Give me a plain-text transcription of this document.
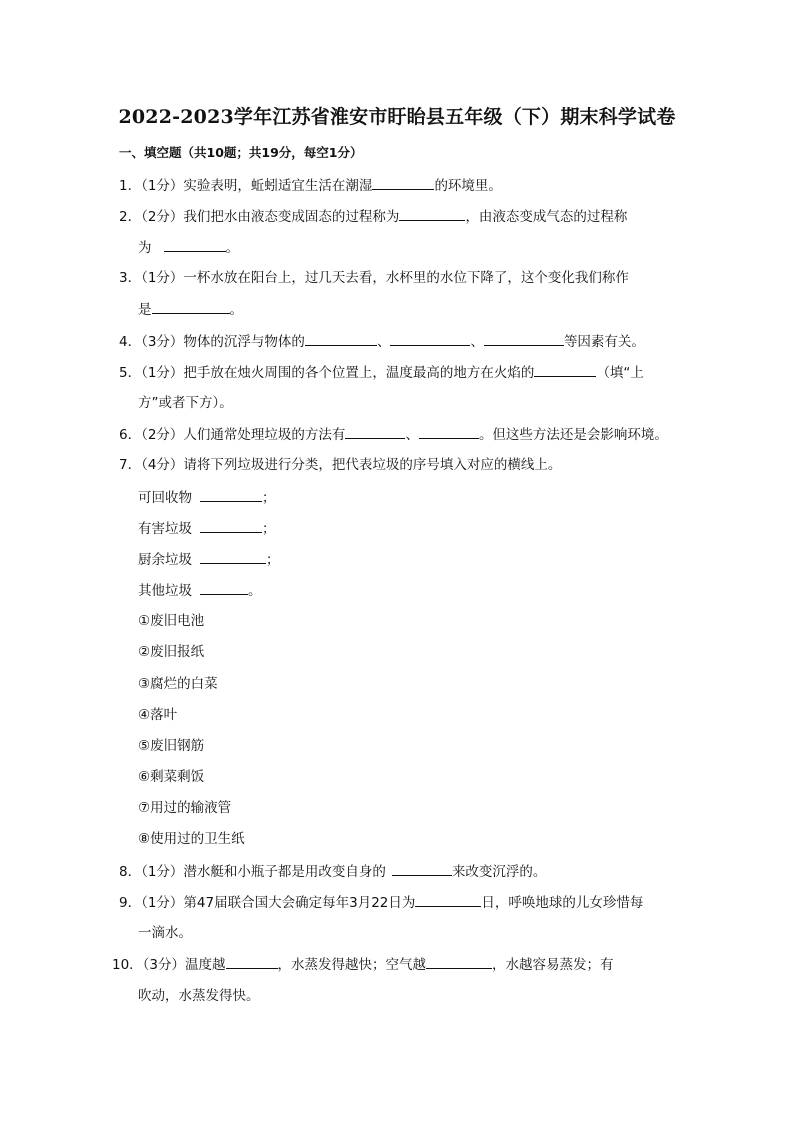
2022-2023学年江苏省淮安市盱眙县五年级（下）期末科学试卷
一、填空题（共10题；共19分，每空1分）
1．（1分）实验表明，蚯蚓适宜生活在潮湿	的环境里。
2．（2分）我们把水由液态变成固态的过程称为	，由液态变成气态的过程称
为	。
3．（1分）一杯水放在阳台上，过几天去看，水杯里的水位下降了，这个变化我们称作
是	。
4．（3分）物体的沉浮与物体的	、	、	等因素有关。
5．（1分）把手放在烛火周围的各个位置上，温度最高的地方在火焰的	（填“上
方”或者下方）。
6．（2分）人们通常处理垃圾的方法有	、	。但这些方法还是会影响环境。
7．（4分）请将下列垃圾进行分类，把代表垃圾的序号填入对应的横线上。
可回收物	；
有害垃圾	；
厨余垃圾	；
其他垃圾	。
①废旧电池
②废旧报纸
③腐烂的白菜
④落叶
⑤废旧钢筋
⑥剩菜剩饭
⑦用过的输液管
⑧使用过的卫生纸
8．（1分）潜水艇和小瓶子都是用改变自身的	来改变沉浮的。
9．（1分）第47届联合国大会确定每年3月22日为	日，呼唤地球的儿女珍惜每
一滴水。
10．（3分）温度越	，水蒸发得越快；空气越	，水越容易蒸发；有
吹动，水蒸发得快。
